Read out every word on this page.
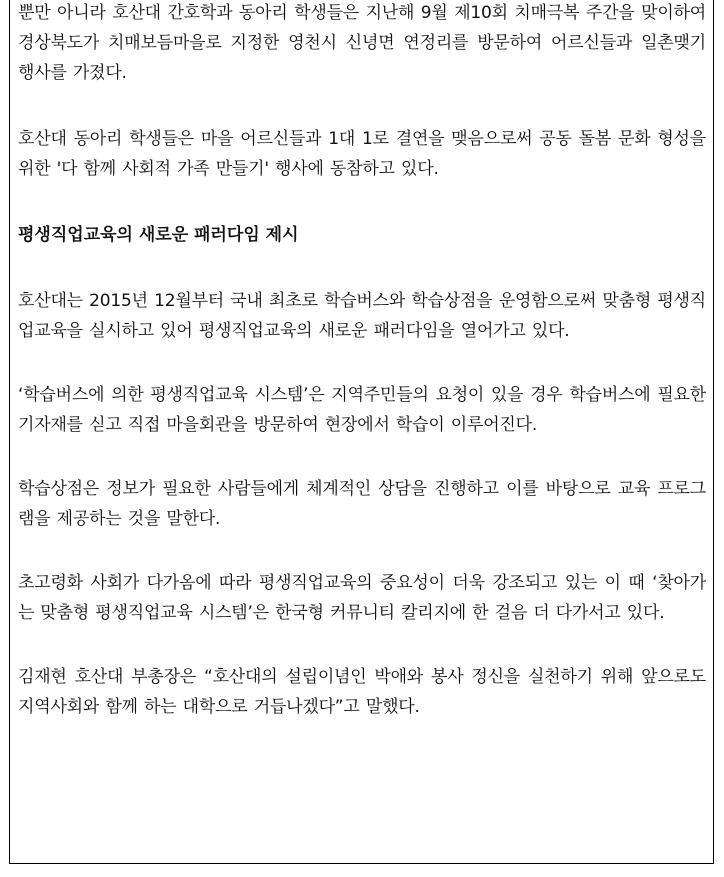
뿐만 아니라 호산대 간호학과 동아리 학생들은 지난해 9월 제10회 치매극복 주간을 맞이하여 경상북도가 치매보듬마을로 지정한 영천시 신녕면 연정리를 방문하여 어르신들과 일촌맺기 행사를 가졌다.

호산대 동아리 학생들은 마을 어르신들과 1대 1로 결연을 맺음으로써 공동 돌봄 문화 형성을 위한 '다 함께 사회적 가족 만들기' 행사에 동참하고 있다.

평생직업교육의 새로운 패러다임 제시

호산대는 2015년 12월부터 국내 최초로 학습버스와 학습상점을 운영함으로써 맞춤형 평생직업교육을 실시하고 있어 평생직업교육의 새로운 패러다임을 열어가고 있다.

‘학습버스에 의한 평생직업교육 시스템’은 지역주민들의 요청이 있을 경우 학습버스에 필요한 기자재를 싣고 직접 마을회관을 방문하여 현장에서 학습이 이루어진다.

학습상점은 정보가 필요한 사람들에게 체계적인 상담을 진행하고 이를 바탕으로 교육 프로그램을 제공하는 것을 말한다.

초고령화 사회가 다가옴에 따라 평생직업교육의 중요성이 더욱 강조되고 있는 이 때 ‘찾아가는 맞춤형 평생직업교육 시스템’은 한국형 커뮤니티 칼리지에 한 걸음 더 다가서고 있다.

김재현 호산대 부총장은 “호산대의 설립이념인 박애와 봉사 정신을 실천하기 위해 앞으로도 지역사회와 함께 하는 대학으로 거듭나겠다”고 말했다.
